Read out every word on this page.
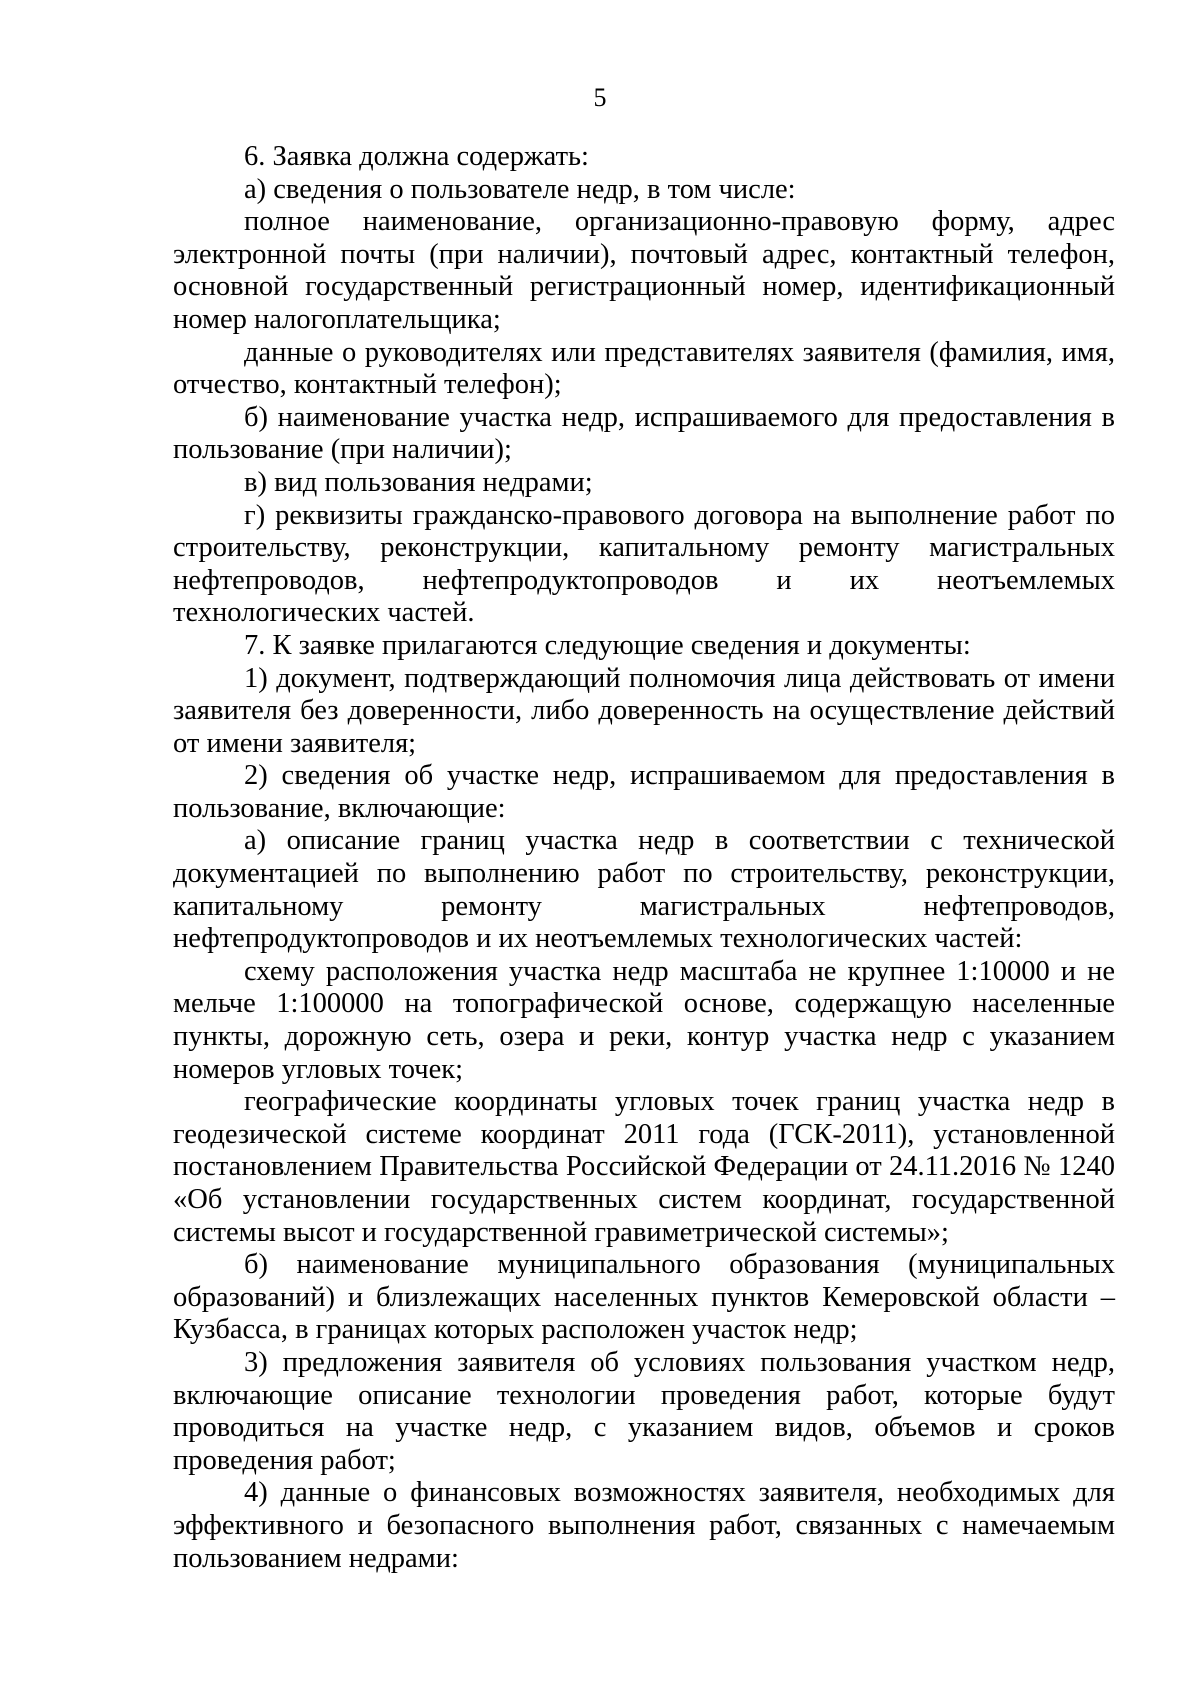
5

6. Заявка должна содержать:

а) сведения о пользователе недр, в том числе:

полное наименование, организационно-правовую форму, адрес электронной почты (при наличии), почтовый адрес, контактный телефон, основной государственный регистрационный номер, идентификационный номер налогоплательщика;

данные о руководителях или представителях заявителя (фамилия, имя, отчество, контактный телефон);

б) наименование участка недр, испрашиваемого для предоставления в пользование (при наличии);

в) вид пользования недрами;

г) реквизиты гражданско-правового договора на выполнение работ по строительству, реконструкции, капитальному ремонту магистральных нефтепроводов, нефтепродуктопроводов и их неотъемлемых технологических частей.

7. К заявке прилагаются следующие сведения и документы:

1) документ, подтверждающий полномочия лица действовать от имени заявителя без доверенности, либо доверенность на осуществление действий от имени заявителя;

2) сведения об участке недр, испрашиваемом для предоставления в пользование, включающие:

а) описание границ участка недр в соответствии с технической документацией по выполнению работ по строительству, реконструкции, капитальному ремонту магистральных нефтепроводов, нефтепродуктопроводов и их неотъемлемых технологических частей:

схему расположения участка недр масштаба не крупнее 1:10000 и не мельче 1:100000 на топографической основе, содержащую населенные пункты, дорожную сеть, озера и реки, контур участка недр с указанием номеров угловых точек;

географические координаты угловых точек границ участка недр в геодезической системе координат 2011 года (ГСК-2011), установленной постановлением Правительства Российской Федерации от 24.11.2016 № 1240 «Об установлении государственных систем координат, государственной системы высот и государственной гравиметрической системы»;

б) наименование муниципального образования (муниципальных образований) и близлежащих населенных пунктов Кемеровской области – Кузбасса, в границах которых расположен участок недр;

3) предложения заявителя об условиях пользования участком недр, включающие описание технологии проведения работ, которые будут проводиться на участке недр, с указанием видов, объемов и сроков проведения работ;

4) данные о финансовых возможностях заявителя, необходимых для эффективного и безопасного выполнения работ, связанных с намечаемым пользованием недрами:
